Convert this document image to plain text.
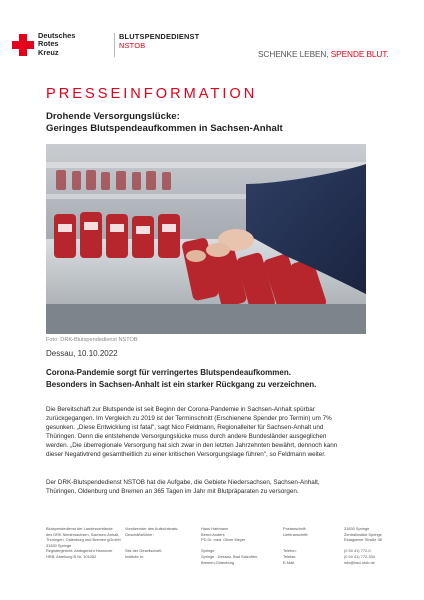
Deutsches
Rotes
Kreuz
BLUTSPENDEDIENST
NSTOB
SCHENKE LEBEN, SPENDE BLUT.
PRESSEINFORMATION
Drohende Versorgungslücke:
Geringes Blutspendeaufkommen in Sachsen-Anhalt
Foto: DRK-Blutspendedienst NSTOB
Dessau, 10.10.2022
Corona-Pandemie sorgt für verringertes Blutspendeaufkommen.
Besonders in Sachsen-Anhalt ist ein starker Rückgang zu verzeichnen.
Die Bereitschaft zur Blutspende ist seit Beginn der Corona-Pandemie in Sachsen-Anhalt spürbar
zurückgegangen. Im Vergleich zu 2019 ist der Terminschnitt (Erschienene Spender pro Termin) um 7%
gesunken. „Diese Entwicklung ist fatal", sagt Nico Feldmann, Regionalleiter für Sachsen-Anhalt und
Thüringen. Denn die entstehende Versorgungslücke muss durch andere Bundesländer ausgeglichen
werden. „Die überregionale Versorgung hat sich zwar in den letzten Jahrzehnten bewährt, dennoch kann
dieser Negativtrend gesamtheitlich zu einer kritischen Versorgungslage führen", so Feldmann weiter.
Der DRK-Blutspendedienst NSTOB hat die Aufgabe, die Gebiete Niedersachsen, Sachsen-Anhalt,
Thüringen, Oldenburg und Bremen an 365 Tagen im Jahr mit Blutpräparaten zu versorgen.
Blutspendedienst der Landesverbände
des DRK Niedersachsen, Sachsen-Anhalt,
Thüringen, Oldenburg und Bremen gGmbH
31830 Springe
Registergericht: Amtsgericht Hannover
HRB: Abteilung B Nr. 101052
Vorsitzender des Aufsichtsrats:
Geschäftsführer:

Sitz der Gesellschaft:
Institute in:
Hans Hartmann
Bernd Anders
PD Dr. med. Oliver Meyer

Springe
Springe , Dessau, Bad Salzuflen,
Bremen-Oldenburg
Postanschrift:
Lieferanschrift:

Telefon:
Telefax:
E-Mail:
31830 Springe
Zentralinstitut Springe
Eldagsener Straße 38

(0 50 41) 772-0
(0 50 41) 772-334
info@bsd-ntob.de
